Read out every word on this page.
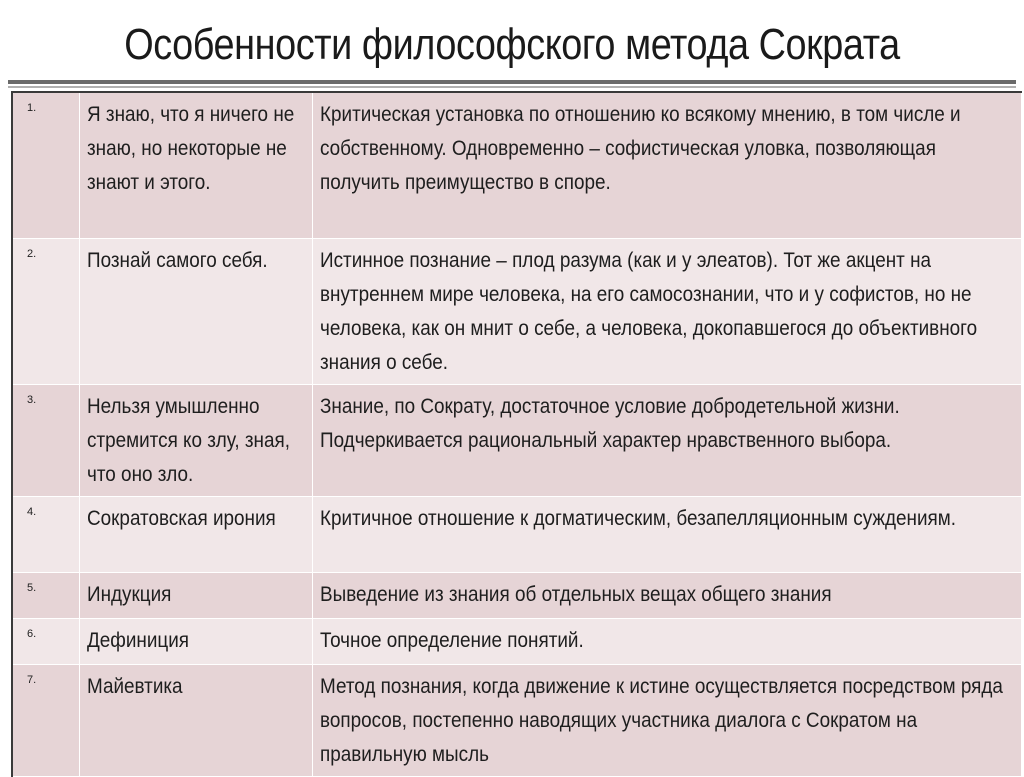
Особенности философского метода Сократа
1.	Я знаю, что я ничего не знаю, но некоторые не знают и этого.	Критическая установка по отношению ко всякому мнению, в том числе и собственному. Одновременно – софистическая уловка, позволяющая получить преимущество в споре.

2.	Познай самого себя.	Истинное познание – плод разума (как и у элеатов). Тот же акцент на внутреннем мире человека, на его самосознании, что и у софистов, но не человека, как он мнит о себе, а человека, докопавшегося до объективного знания о себе.

3.	Нельзя умышленно стремится ко злу, зная, что оно зло.	Знание, по Сократу, достаточное условие добродетельной жизни. Подчеркивается рациональный характер нравственного выбора.

4.	Сократовская ирония	Критичное отношение к догматическим, безапелляционным суждениям.

5.	Индукция	Выведение из знания об отдельных вещах общего знания

6.	Дефиниция	Точное определение понятий.

7.	Майевтика	Метод познания, когда движение к истине осуществляется посредством ряда вопросов, постепенно наводящих участника диалога с Сократом на правильную мысль
